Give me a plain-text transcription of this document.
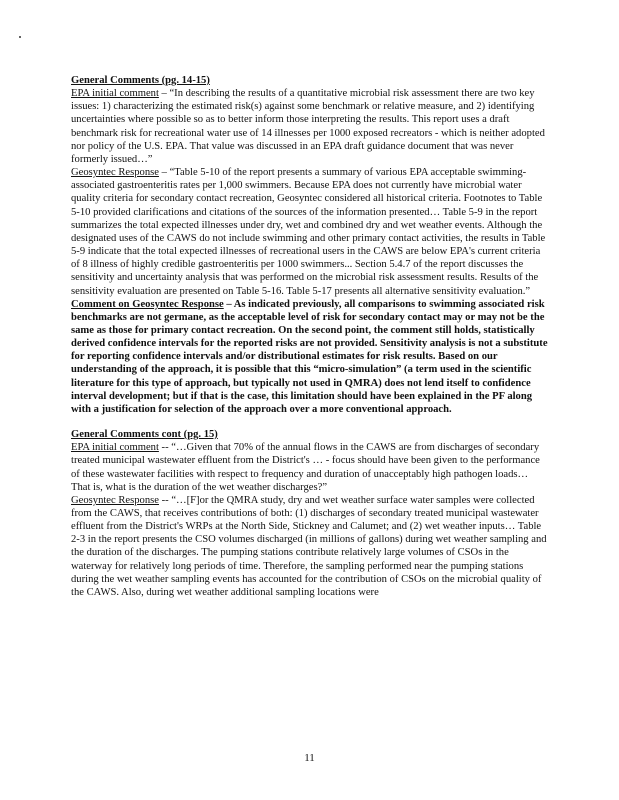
General Comments (pg. 14-15)

EPA initial comment – “In describing the results of a quantitative microbial risk assessment there are two key issues: 1) characterizing the estimated risk(s) against some benchmark or relative measure, and 2) identifying uncertainties where possible so as to better inform those interpreting the results. This report uses a draft benchmark risk for recreational water use of 14 illnesses per 1000 exposed recreators - which is neither adopted nor policy of the U.S. EPA. That value was discussed in an EPA draft guidance document that was never formerly issued…”

Geosyntec Response – “Table 5-10 of the report presents a summary of various EPA acceptable swimming-associated gastroenteritis rates per 1,000 swimmers. Because EPA does not currently have microbial water quality criteria for secondary contact recreation, Geosyntec considered all historical criteria. Footnotes to Table 5-10 provided clarifications and citations of the sources of the information presented… Table 5-9 in the report summarizes the total expected illnesses under dry, wet and combined dry and wet weather events. Although the designated uses of the CAWS do not include swimming and other primary contact activities, the results in Table 5-9 indicate that the total expected illnesses of recreational users in the CAWS are below EPA's current criteria of 8 illness of highly credible gastroenteritis per 1000 swimmers... Section 5.4.7 of the report discusses the sensitivity and uncertainty analysis that was performed on the microbial risk assessment results. Results of the sensitivity evaluation are presented on Table 5-16. Table 5-17 presents all alternative sensitivity evaluation.”

Comment on Geosyntec Response – As indicated previously, all comparisons to swimming associated risk benchmarks are not germane, as the acceptable level of risk for secondary contact may or may not be the same as those for primary contact recreation. On the second point, the comment still holds, statistically derived confidence intervals for the reported risks are not provided. Sensitivity analysis is not a substitute for reporting confidence intervals and/or distributional estimates for risk results. Based on our understanding of the approach, it is possible that this “micro-simulation” (a term used in the scientific literature for this type of approach, but typically not used in QMRA) does not lend itself to confidence interval development; but if that is the case, this limitation should have been explained in the PF along with a justification for selection of the approach over a more conventional approach.

General Comments cont (pg. 15)

EPA initial comment -- “…Given that 70% of the annual flows in the CAWS are from discharges of secondary treated municipal wastewater effluent from the District's … - focus should have been given to the performance of these wastewater facilities with respect to frequency and duration of unacceptably high pathogen loads… That is, what is the duration of the wet weather discharges?”

Geosyntec Response -- “…[F]or the QMRA study, dry and wet weather surface water samples were collected from the CAWS, that receives contributions of both: (1) discharges of secondary treated municipal wastewater effluent from the District's WRPs at the North Side, Stickney and Calumet; and (2) wet weather inputs… Table 2-3 in the report presents the CSO volumes discharged (in millions of gallons) during wet weather sampling and the duration of the discharges. The pumping stations contribute relatively large volumes of CSOs in the waterway for relatively long periods of time. Therefore, the sampling performed near the pumping stations during the wet weather sampling events has accounted for the contribution of CSOs on the microbial quality of the CAWS. Also, during wet weather additional sampling locations were

11
